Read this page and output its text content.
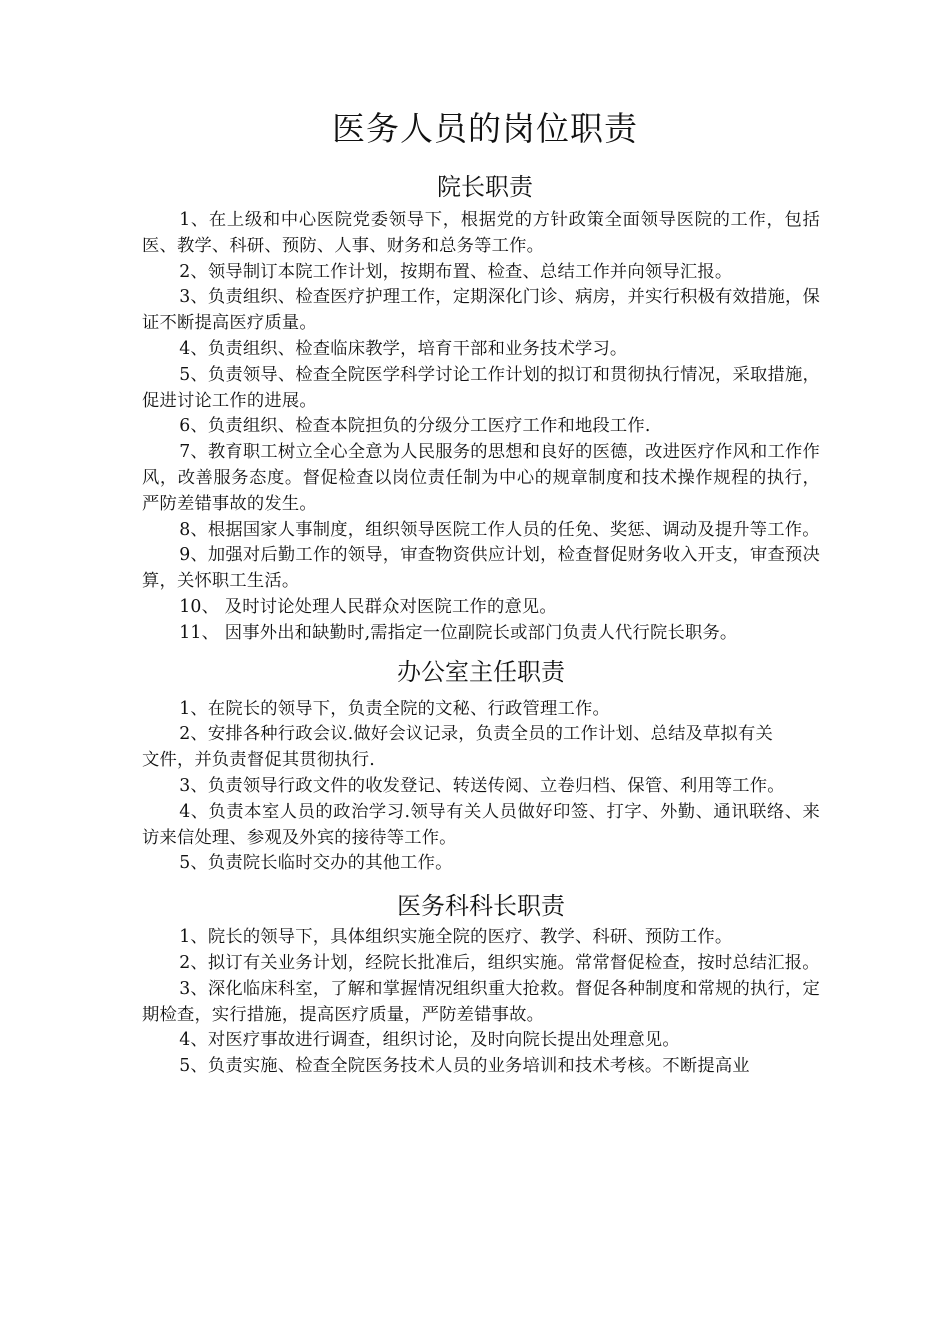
医务人员的岗位职责
院长职责
1、在上级和中心医院党委领导下，根据党的方针政策全面领导医院的工作，包括医、教学、科研、预防、人事、财务和总务等工作。
2、领导制订本院工作计划，按期布置、检查、总结工作并向领导汇报。
3、负责组织、检查医疗护理工作，定期深化门诊、病房，并实行积极有效措施，保证不断提高医疗质量。
4、负责组织、检查临床教学，培育干部和业务技术学习。
5、负责领导、检查全院医学科学讨论工作计划的拟订和贯彻执行情况，采取措施，促进讨论工作的进展。
6、负责组织、检查本院担负的分级分工医疗工作和地段工作.
7、教育职工树立全心全意为人民服务的思想和良好的医德，改进医疗作风和工作作风，改善服务态度。督促检查以岗位责任制为中心的规章制度和技术操作规程的执行，严防差错事故的发生。
8、根据国家人事制度，组织领导医院工作人员的任免、奖惩、调动及提升等工作。
9、加强对后勤工作的领导，审查物资供应计划，检查督促财务收入开支，审查预决算，关怀职工生活。
10、 及时讨论处理人民群众对医院工作的意见。
11、 因事外出和缺勤时,需指定一位副院长或部门负责人代行院长职务。
办公室主任职责
1、在院长的领导下，负责全院的文秘、行政管理工作。
2、安排各种行政会议.做好会议记录，负责全员的工作计划、总结及草拟有关
文件，并负责督促其贯彻执行.
3、负责领导行政文件的收发登记、转送传阅、立卷归档、保管、利用等工作。
4、负责本室人员的政治学习.领导有关人员做好印签、打字、外勤、通讯联络、来访来信处理、参观及外宾的接待等工作。
5、负责院长临时交办的其他工作。
医务科科长职责
1、院长的领导下，具体组织实施全院的医疗、教学、科研、预防工作。
2、拟订有关业务计划，经院长批准后，组织实施。常常督促检查，按时总结汇报。
3、深化临床科室，了解和掌握情况组织重大抢救。督促各种制度和常规的执行，定期检查，实行措施，提高医疗质量，严防差错事故。
4、对医疗事故进行调查，组织讨论，及时向院长提出处理意见。
5、负责实施、检查全院医务技术人员的业务培训和技术考核。不断提高业
